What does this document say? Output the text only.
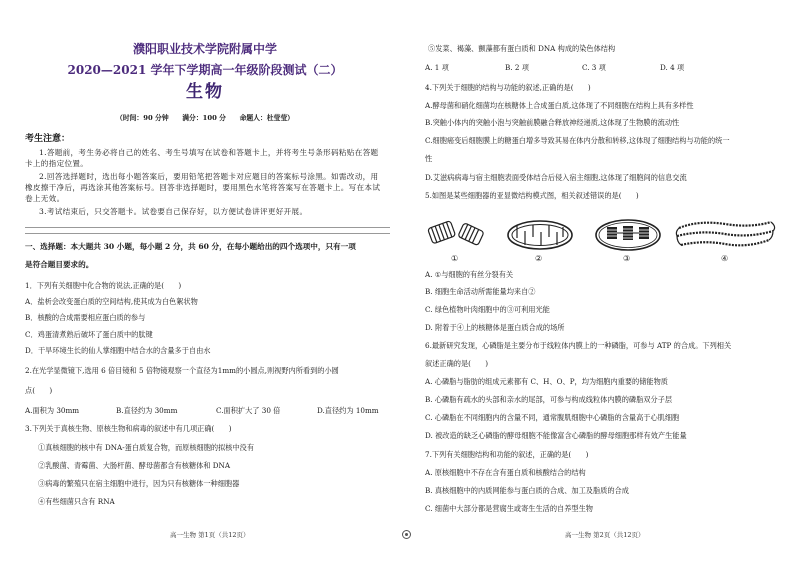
濮阳职业技术学院附属中学
2020—2021 学年下学期高一年级阶段测试（二）
生物
（时间：90 分钟　　满分：100 分　　命题人：杜莹莹）
考生注意：
1.答题前，考生务必将自己的姓名、考生号填写在试卷和答题卡上，并将考生号条形码粘贴在答题卡上的指定位置。
2.回答选择题时，选出每小题答案后，要用铅笔把答题卡对应题目的答案标号涂黑。如需改动，用橡皮擦干净后，再选涂其他答案标号。回答非选择题时，要用黑色水笔将答案写在答题卡上。写在本试卷上无效。
3.考试结束后，只交答题卡。试卷要自己保存好，以方便试卷讲评更好开展。
一、选择题：本大题共 30 小题，每小题 2 分，共 60 分，在每小题给出的四个选项中，只有一项
是符合题目要求的。
1．下列有关细胞中化合物的说法,正确的是(　　)
A．盐析会改变蛋白质的空间结构,使其成为白色絮状物
B．核酸的合成需要相应蛋白质的参与
C．鸡蛋清煮熟后破坏了蛋白质中的肽键
D．干旱环境生长的仙人掌细胞中结合水的含量多于自由水
2.在光学显微镜下,选用 6 倍目镜和 5 倍物镜观察一个直径为1mm的小圆点,则视野内所看到的小圆
点(　　)
A.面积为 30mm	B.直径约为 30mm	C.面积扩大了 30 倍	D.直径约为 10mm
3.下列关于真核生物、原核生物和病毒的叙述中有几项正确(　　)
①真核细胞的核中有 DNA-蛋白质复合物，而原核细胞的拟核中没有
②乳酸菌、青霉菌、大肠杆菌、酵母菌都含有核糖体和 DNA
③病毒的繁殖只在宿主细胞中进行，因为只有核糖体一种细胞器
④有些细菌只含有 RNA
高一生物 第1页（共12页）
⑤发菜、褐藻、颤藻都有蛋白质和 DNA 构成的染色体结构
A. 1 项	B. 2 项	C. 3 项	D. 4 项
4.下列关于细胞的结构与功能的叙述,正确的是(　　)
A.酵母菌和硝化细菌均在核糖体上合成蛋白质,这体现了不同细胞在结构上具有多样性
B.突触小体内的突触小泡与突触前膜融合释放神经递质,这体现了生物膜的流动性
C.细胞癌变后细胞膜上的糖蛋白增多导致其易在体内分散和转移,这体现了细胞结构与功能的统一
性
D.艾滋病病毒与宿主细胞表面受体结合后侵入宿主细胞,这体现了细胞间的信息交流
5.如图是某些细胞器的亚显微结构模式图，相关叙述错误的是(　　)
A. ①与细胞的有丝分裂有关
B. 细胞生命活动所需能量均来自②
C. 绿色植物叶肉细胞中的③可利用光能
D. 附着于④上的核糖体是蛋白质合成的场所
6.最新研究发现，心磷脂是主要分布于线粒体内膜上的一种磷脂，可参与 ATP 的合成。下列相关
叙述正确的是(　　)
A. 心磷脂与脂肪的组成元素都有 C、H、O、P，均为细胞内重要的储能物质
B. 心磷脂有疏水的头部和亲水的尾部，可参与构成线粒体内膜的磷脂双分子层
C. 心磷脂在不同细胞内的含量不同，通常腹肌细胞中心磷脂的含量高于心肌细胞
D. 被改造的缺乏心磷脂的酵母细胞不能像富含心磷脂的酵母细胞那样有效产生能量
7.下列有关细胞结构和功能的叙述，正确的是(　　)
A. 原核细胞中不存在含有蛋白质和核酸结合的结构
B. 真核细胞中的内质网能参与蛋白质的合成、加工及脂质的合成
C. 细菌中大部分都是营腐生或寄生生活的自养型生物
高一生物 第2页（共12页）
①	②	③	④
